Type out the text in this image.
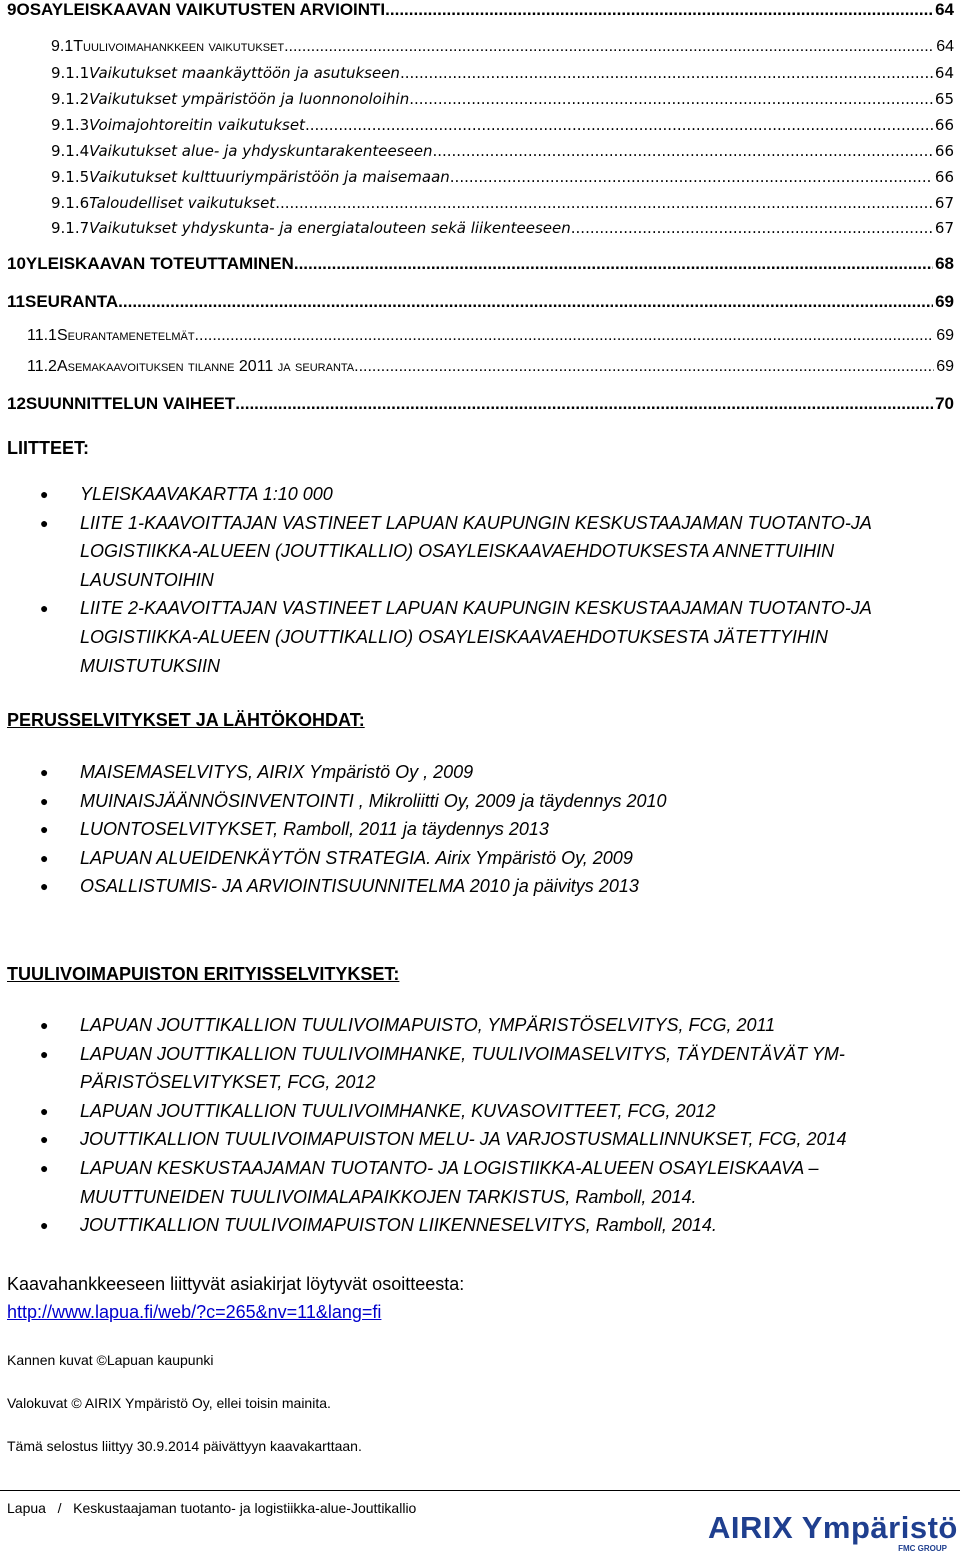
9 OSAYLEISKAAVAN VAIKUTUSTEN ARVIOINTI .....	64
9.1 Tuulivoimahankkeen vaikutukset .....	64
9.1.1 Vaikutukset maankäyttöön ja asutukseen .....	64
9.1.2 Vaikutukset ympäristöön ja luonnonoloihin .....	65
9.1.3 Voimajohtoreitin vaikutukset .....	66
9.1.4 Vaikutukset alue- ja yhdyskuntarakenteeseen .....	66
9.1.5 Vaikutukset kulttuuriympäristöön ja maisemaan .....	66
9.1.6 Taloudelliset vaikutukset .....	67
9.1.7 Vaikutukset yhdyskunta- ja energiatalouteen sekä liikenteeseen .....	67
10 YLEISKAAVAN TOTEUTTAMINEN .....	68
11 SEURANTA .....	69
11.1 Seurantamenetelmät .....	69
11.2 Asemakaavoituksen tilanne 2011 ja seuranta .....	69
12 SUUNNITTELUN VAIHEET .....	70
LIITTEET:
● YLEISKAAVAKARTTA 1:10 000
● LIITE 1-KAAVOITTAJAN VASTINEET LAPUAN KAUPUNGIN KESKUSTAAJAMAN TUOTANTO-JA LOGISTIIKKA-ALUEEN (JOUTTIKALLIO) OSAYLEISKAAVAEHDOTUKSESTA ANNETTUIHIN LAUSUNTOIHIN
● LIITE 2-KAAVOITTAJAN VASTINEET LAPUAN KAUPUNGIN KESKUSTAAJAMAN TUOTANTO-JA LOGISTIIKKA-ALUEEN (JOUTTIKALLIO) OSAYLEISKAAVAEHDOTUKSESTA JÄTETTYIHIN MUISTUTUKSIIN
PERUSSELVITYKSET JA LÄHTÖKOHDAT:
● MAISEMASELVITYS, AIRIX Ympäristö Oy , 2009
● MUINAISJÄÄNNÖSINVENTOINTI , Mikroliitti Oy, 2009 ja täydennys 2010
● LUONTOSELVITYKSET, Ramboll, 2011 ja täydennys 2013
● LAPUAN ALUEIDENKÄYTÖN STRATEGIA. Airix Ympäristö Oy, 2009
● OSALLISTUMIS- JA ARVIOINTISUUNNITELMA 2010 ja päivitys 2013
TUULIVOIMAPUISTON ERITYISSELVITYKSET:
● LAPUAN JOUTTIKALLION TUULIVOIMAPUISTO, YMPÄRISTÖSELVITYS, FCG, 2011
● LAPUAN JOUTTIKALLION TUULIVOIMHANKE, TUULIVOIMASELVITYS, TÄYDENTÄVÄT YM-PÄRISTÖSELVITYKSET, FCG, 2012
● LAPUAN JOUTTIKALLION TUULIVOIMHANKE, KUVASOVITTEET, FCG, 2012
● JOUTTIKALLION TUULIVOIMAPUISTON MELU- JA VARJOSTUSMALLINNUKSET, FCG, 2014
● LAPUAN KESKUSTAAJAMAN TUOTANTO- JA LOGISTIIKKA-ALUEEN OSAYLEISKAAVA – MUUTTUNEIDEN TUULIVOIMALAPAIKKOJEN TARKISTUS, Ramboll, 2014.
● JOUTTIKALLION TUULIVOIMAPUISTON LIIKENNESELVITYS, Ramboll, 2014.
Kaavahankkeeseen liittyvät asiakirjat löytyvät osoitteesta:
http://www.lapua.fi/web/?c=265&nv=11&lang=fi
Kannen kuvat ©Lapuan kaupunki
Valokuvat © AIRIX Ympäristö Oy, ellei toisin mainita.
Tämä selostus liittyy 30.9.2014 päivättyyn kaavakarttaan.
Lapua   /   Keskustaajaman tuotanto- ja logistiikka-alue-Jouttikallio
AIRIX Ympäristö
FMC GROUP
